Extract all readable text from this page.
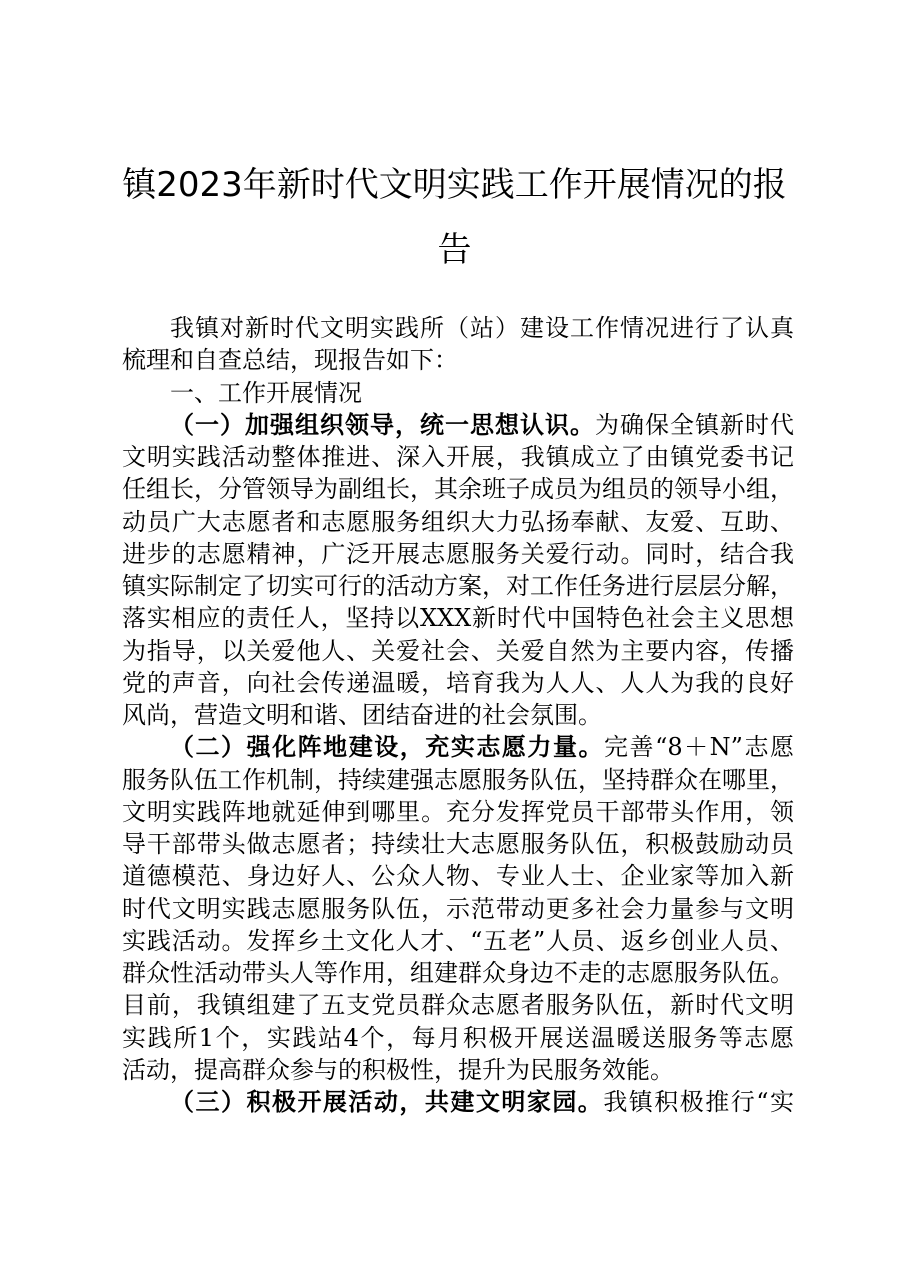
镇2023年新时代文明实践工作开展情况的报
告
我镇对新时代文明实践所（站）建设工作情况进行了认真
梳理和自查总结，现报告如下：
一、工作开展情况
（一）加强组织领导，统一思想认识。为确保全镇新时代
文明实践活动整体推进、深入开展，我镇成立了由镇党委书记
任组长，分管领导为副组长，其余班子成员为组员的领导小组，
动员广大志愿者和志愿服务组织大力弘扬奉献、友爱、互助、
进步的志愿精神，广泛开展志愿服务关爱行动。同时，结合我
镇实际制定了切实可行的活动方案，对工作任务进行层层分解，
落实相应的责任人，坚持以XXX新时代中国特色社会主义思想
为指导，以关爱他人、关爱社会、关爱自然为主要内容，传播
党的声音，向社会传递温暖，培育我为人人、人人为我的良好
风尚，营造文明和谐、团结奋进的社会氛围。
（二）强化阵地建设，充实志愿力量。完善“8＋N”志愿
服务队伍工作机制，持续建强志愿服务队伍，坚持群众在哪里，
文明实践阵地就延伸到哪里。充分发挥党员干部带头作用，领
导干部带头做志愿者；持续壮大志愿服务队伍，积极鼓励动员
道德模范、身边好人、公众人物、专业人士、企业家等加入新
时代文明实践志愿服务队伍，示范带动更多社会力量参与文明
实践活动。发挥乡土文化人才、“五老”人员、返乡创业人员、
群众性活动带头人等作用，组建群众身边不走的志愿服务队伍。
目前，我镇组建了五支党员群众志愿者服务队伍，新时代文明
实践所1个，实践站4个，每月积极开展送温暖送服务等志愿
活动，提高群众参与的积极性，提升为民服务效能。
（三）积极开展活动，共建文明家园。我镇积极推行“实
